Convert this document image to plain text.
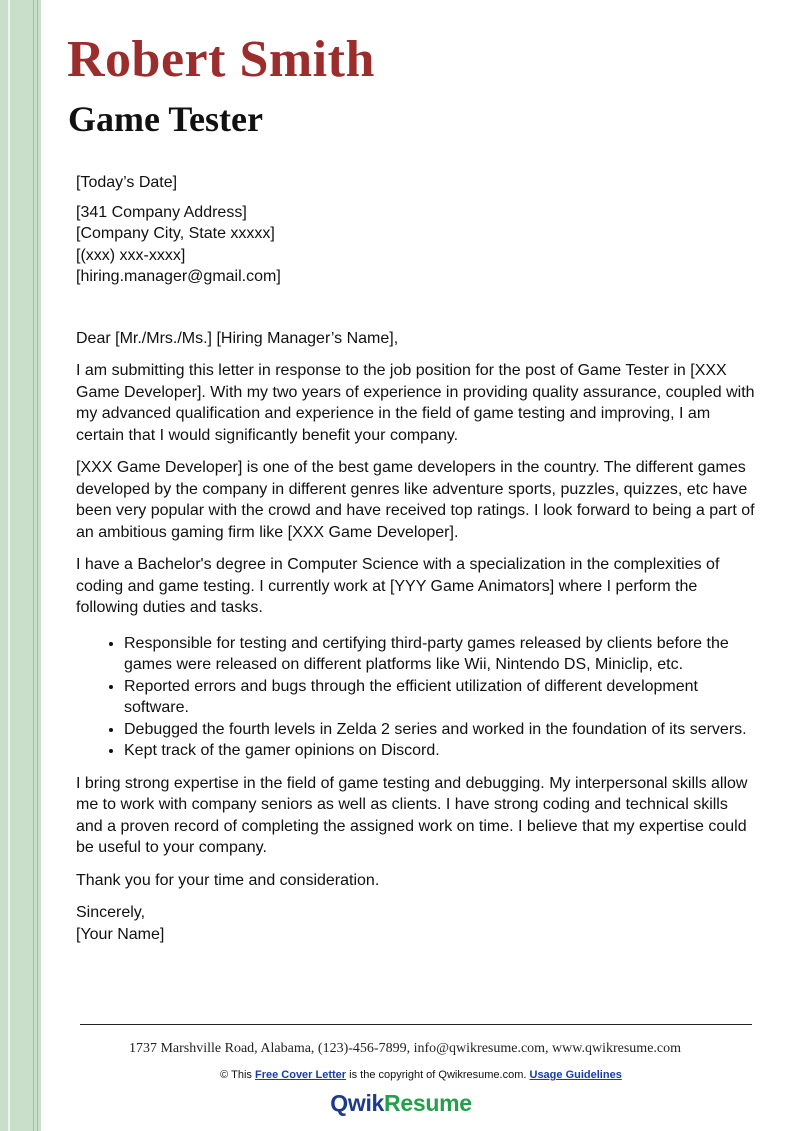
Robert Smith
Game Tester

[Today’s Date]

[341 Company Address]

[Company City, State xxxxx]

[(xxx) xxx-xxxx]

[hiring.manager@gmail.com]

Dear [Mr./Mrs./Ms.] [Hiring Manager’s Name],

I am submitting this letter in response to the job position for the post of Game Tester in [XXX Game Developer]. With my two years of experience in providing quality assurance, coupled with my advanced qualification and experience in the field of game testing and improving, I am certain that I would significantly benefit your company.

[XXX Game Developer] is one of the best game developers in the country. The different games developed by the company in different genres like adventure sports, puzzles, quizzes, etc have been very popular with the crowd and have received top ratings. I look forward to being a part of an ambitious gaming firm like [XXX Game Developer].

I have a Bachelor's degree in Computer Science with a specialization in the complexities of coding and game testing. I currently work at [YYY Game Animators] where I perform the following duties and tasks.

• Responsible for testing and certifying third-party games released by clients before the games were released on different platforms like Wii, Nintendo DS, Miniclip, etc.
• Reported errors and bugs through the efficient utilization of different development software.
• Debugged the fourth levels in Zelda 2 series and worked in the foundation of its servers.
• Kept track of the gamer opinions on Discord.

I bring strong expertise in the field of game testing and debugging. My interpersonal skills allow me to work with company seniors as well as clients. I have strong coding and technical skills and a proven record of completing the assigned work on time. I believe that my expertise could be useful to your company.

Thank you for your time and consideration.

Sincerely,

[Your Name]

1737 Marshville Road, Alabama, (123)-456-7899, info@qwikresume.com, www.qwikresume.com
© This Free Cover Letter is the copyright of Qwikresume.com. Usage Guidelines
QwikResume
